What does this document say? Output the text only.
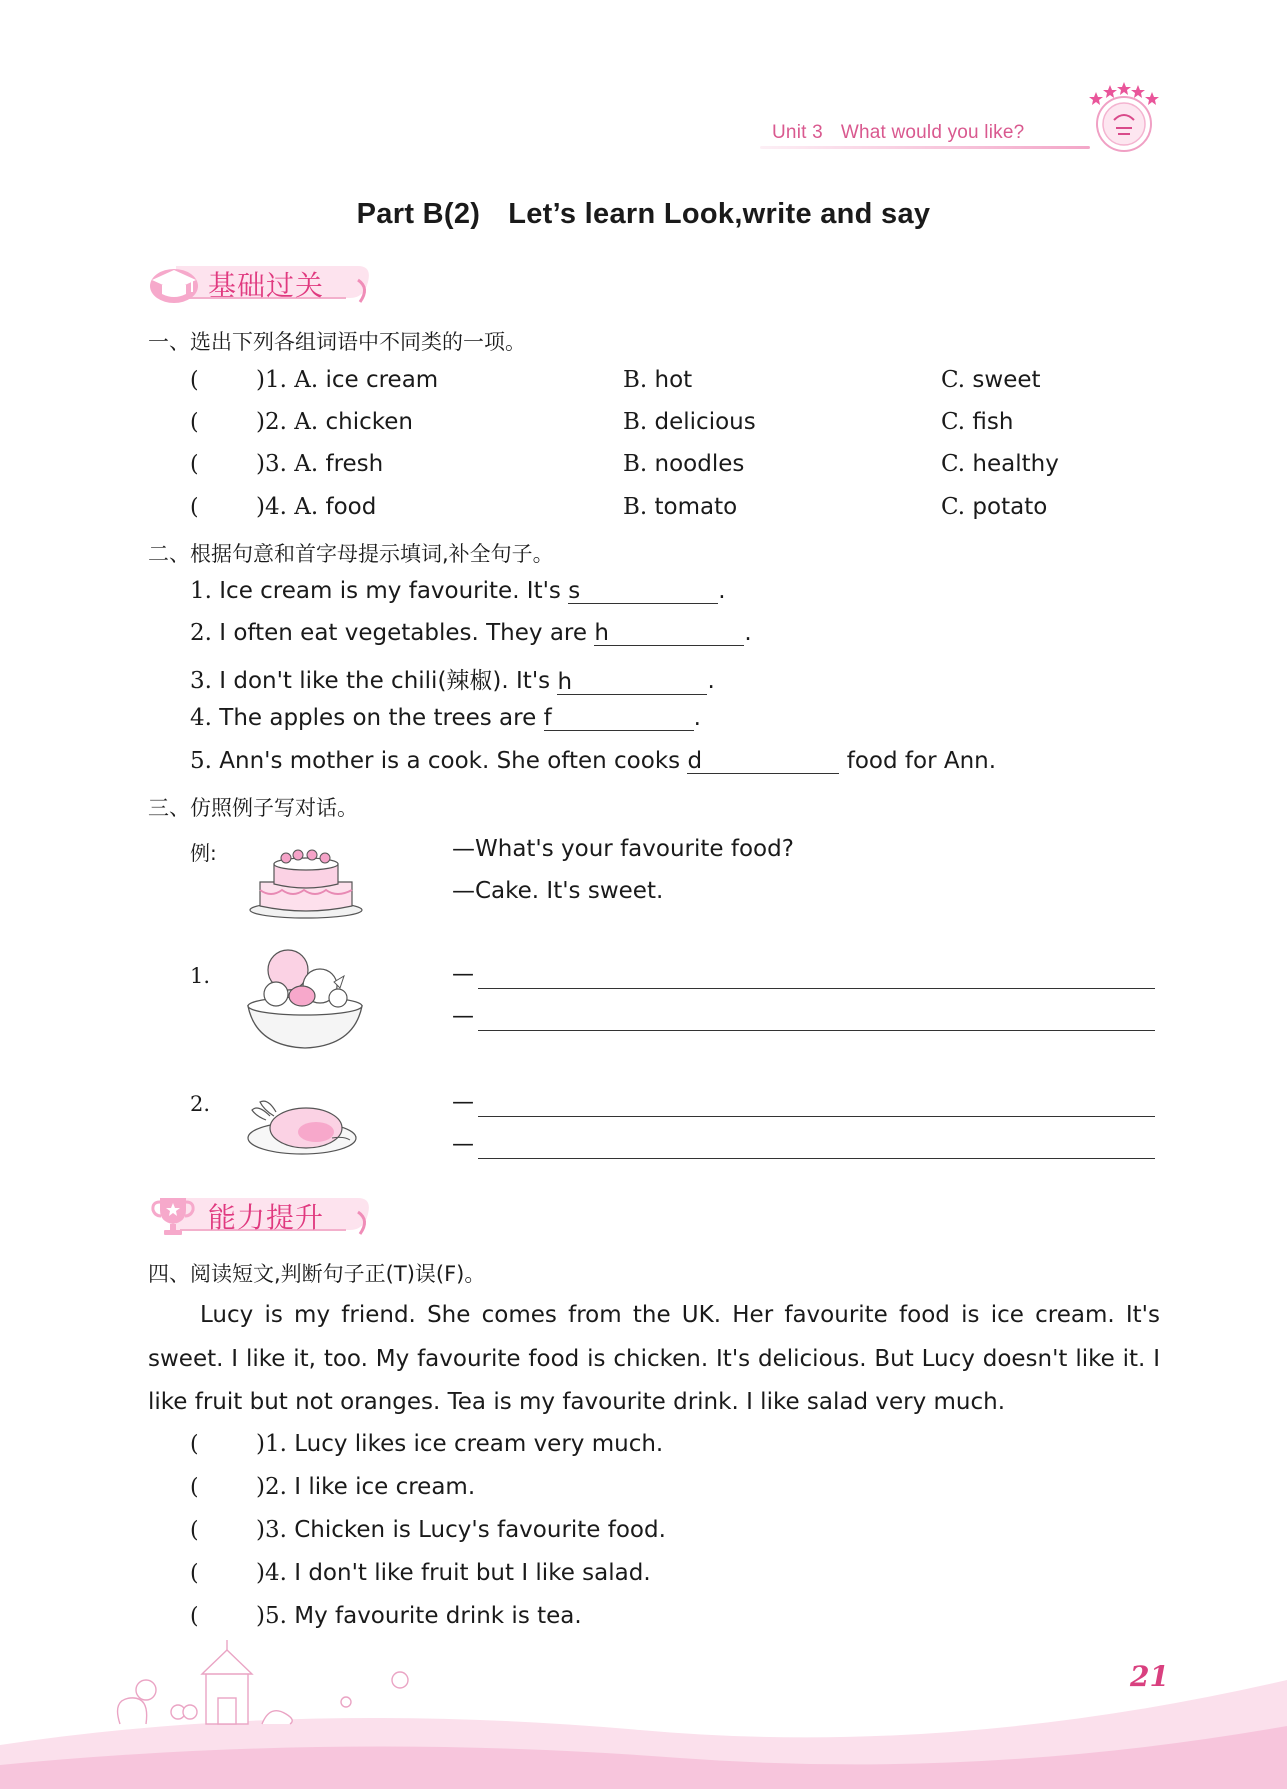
Unit 3 What would you like?
Part B(2) Let’s learn Look,write and say
基础过关
一、选出下列各组词语中不同类的一项。
( )1. A. ice cream	B. hot	C. sweet
( )2. A. chicken	B. delicious	C. fish
( )3. A. fresh	B. noodles	C. healthy
( )4. A. food	B. tomato	C. potato
二、根据句意和首字母提示填词,补全句子。
1. Ice cream is my favourite. It's s	.
2. I often eat vegetables. They are h	.
3. I don't like the chili(辣椒). It's h	.
4. The apples on the trees are f	.
5. Ann's mother is a cook. She often cooks d	food for Ann.
三、仿照例子写对话。
例:	—What's your favourite food?
—Cake. It's sweet.
1.	—
—
2.	—
—
能力提升
四、阅读短文,判断句子正(T)误(F)。
Lucy is my friend. She comes from the UK. Her favourite food is ice cream. It's sweet. I like it, too. My favourite food is chicken. It's delicious. But Lucy doesn't like it. I like fruit but not oranges. Tea is my favourite drink. I like salad very much.
( )1. Lucy likes ice cream very much.
( )2. I like ice cream.
( )3. Chicken is Lucy's favourite food.
( )4. I don't like fruit but I like salad.
( )5. My favourite drink is tea.
21
